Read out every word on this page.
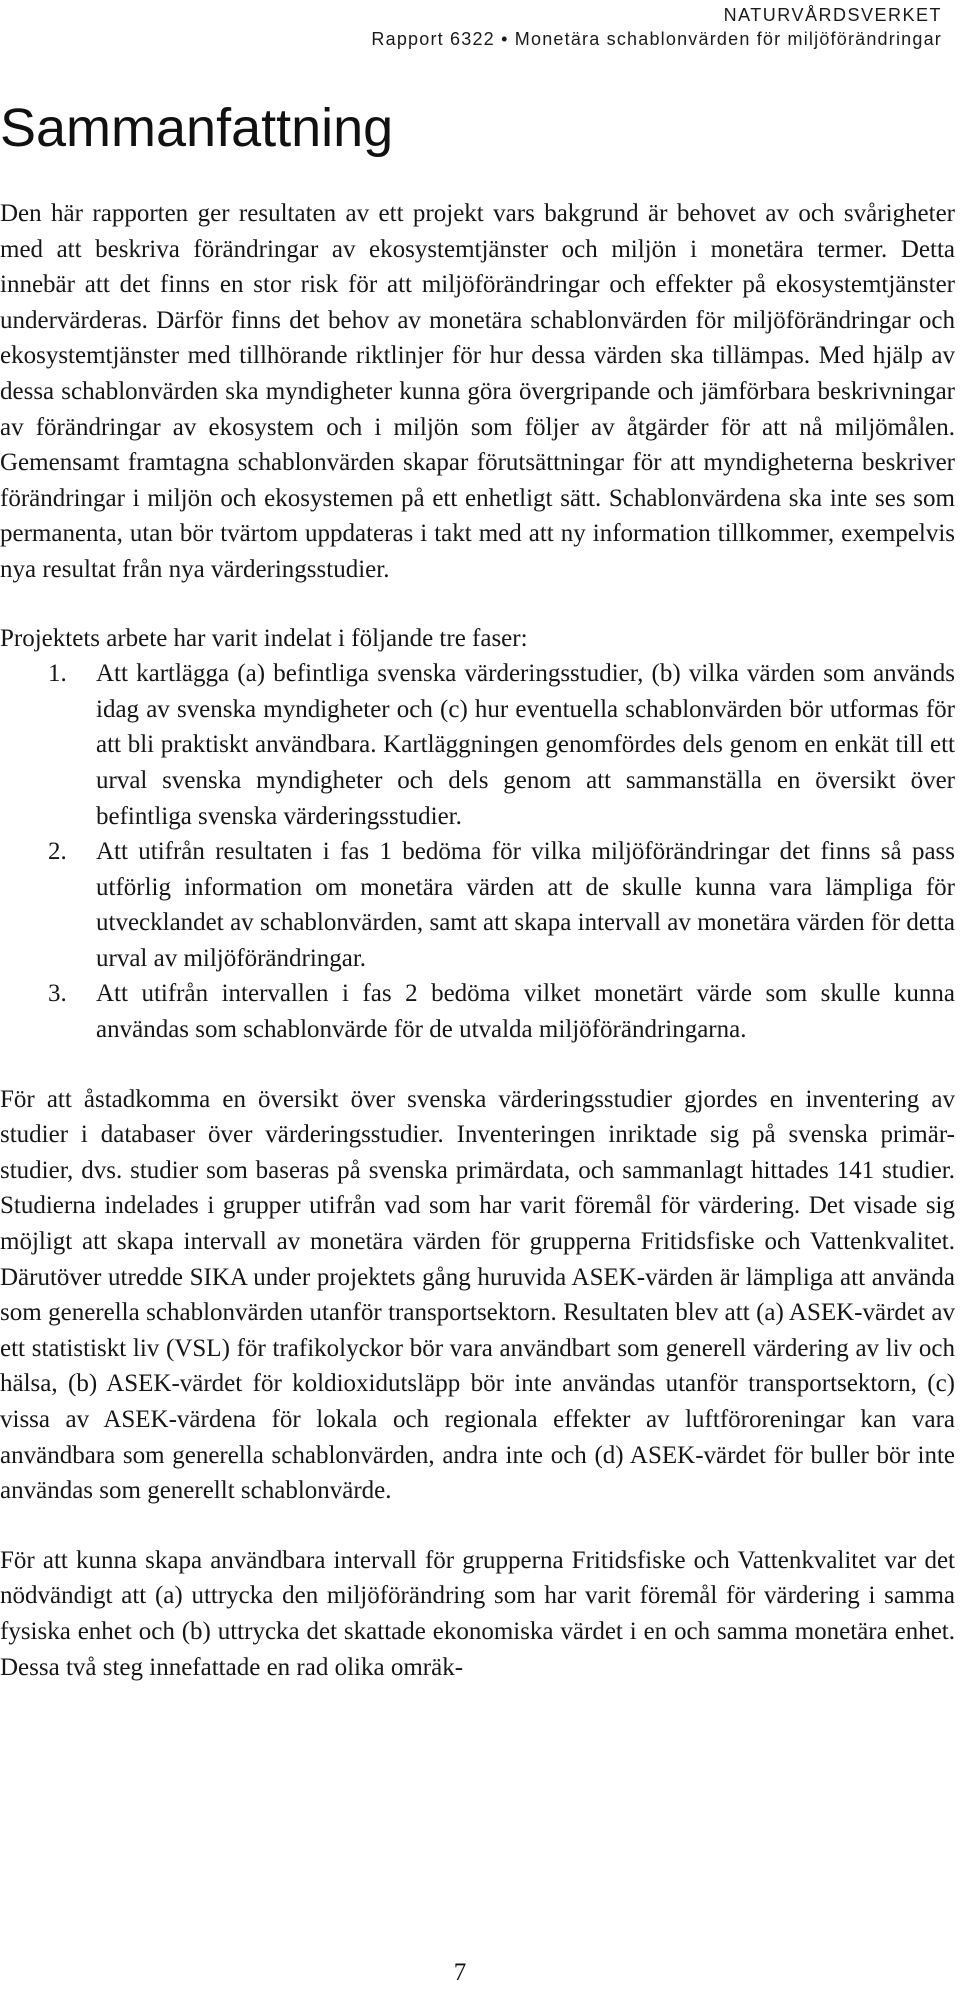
NATURVÅRDSVERKET
Rapport 6322 • Monetära schablonvärden för miljöförändringar
Sammanfattning

Den här rapporten ger resultaten av ett projekt vars bakgrund är behovet av och svårigheter med att beskriva förändringar av ekosystemtjänster och miljön i monetära termer. Detta innebär att det finns en stor risk för att miljöförändringar och effekter på ekosystemtjänster undervärderas. Därför finns det behov av monetära schablonvärden för miljöförändringar och ekosystemtjänster med tillhörande riktlinjer för hur dessa värden ska tillämpas. Med hjälp av dessa schablonvärden ska myndigheter kunna göra övergripande och jämförbara beskrivningar av förändringar av ekosystem och i miljön som följer av åtgärder för att nå miljömålen. Gemensamt framtagna schablonvärden skapar förutsättningar för att myndigheterna beskriver förändringar i miljön och ekosystemen på ett enhetligt sätt. Schablonvärdena ska inte ses som permanenta, utan bör tvärtom uppdateras i takt med att ny information tillkommer, exempelvis nya resultat från nya värderingsstudier.

Projektets arbete har varit indelat i följande tre faser:

1. Att kartlägga (a) befintliga svenska värderingsstudier, (b) vilka värden som används idag av svenska myndigheter och (c) hur eventuella schablonvärden bör utformas för att bli praktiskt användbara. Kartläggningen genomfördes dels genom en enkät till ett urval svenska myndigheter och dels genom att sammanställa en översikt över befintliga svenska värderingsstudier.
2. Att utifrån resultaten i fas 1 bedöma för vilka miljöförändringar det finns så pass utförlig information om monetära värden att de skulle kunna vara lämpliga för utvecklandet av schablonvärden, samt att skapa intervall av monetära värden för detta urval av miljöförändringar.
3. Att utifrån intervallen i fas 2 bedöma vilket monetärt värde som skulle kunna användas som schablonvärde för de utvalda miljöförändringarna.

För att åstadkomma en översikt över svenska värderingsstudier gjordes en inventering av studier i databaser över värderingsstudier. Inventeringen inriktade sig på svenska primär-studier, dvs. studier som baseras på svenska primärdata, och sammanlagt hittades 141 studier. Studierna indelades i grupper utifrån vad som har varit föremål för värdering. Det visade sig möjligt att skapa intervall av monetära värden för grupperna Fritidsfiske och Vattenkvalitet. Därutöver utredde SIKA under projektets gång huruvida ASEK-värden är lämpliga att använda som generella schablonvärden utanför transportsektorn. Resultaten blev att (a) ASEK-värdet av ett statistiskt liv (VSL) för trafikolyckor bör vara användbart som generell värdering av liv och hälsa, (b) ASEK-värdet för koldioxidutsläpp bör inte användas utanför transportsektorn, (c) vissa av ASEK-värdena för lokala och regionala effekter av luftföroreningar kan vara användbara som generella schablonvärden, andra inte och (d) ASEK-värdet för buller bör inte användas som generellt schablonvärde.

För att kunna skapa användbara intervall för grupperna Fritidsfiske och Vattenkvalitet var det nödvändigt att (a) uttrycka den miljöförändring som har varit föremål för värdering i samma fysiska enhet och (b) uttrycka det skattade ekonomiska värdet i en och samma monetära enhet. Dessa två steg innefattade en rad olika omräk-

7
